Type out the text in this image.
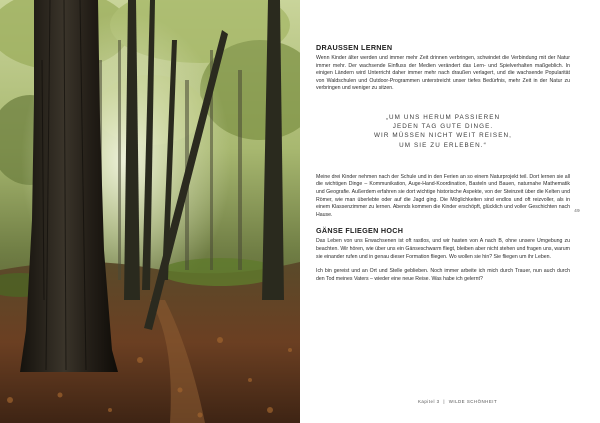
DRAUSSEN LERNEN

Wenn Kinder älter werden und immer mehr Zeit drinnen verbringen, schwindet die Verbindung mit der Natur immer mehr. Der wachsende Einfluss der Medien verändert das Lern- und Spielverhalten maßgeblich. In einigen Ländern wird Unterricht daher immer mehr nach draußen verlagert, und die wachsende Popularität von Waldschulen und Outdoor-Programmen unterstreicht unser tiefes Bedürfnis, mehr Zeit in der Natur zu verbringen und weniger zu sitzen.

„UM UNS HERUM PASSIEREN
JEDEN TAG GUTE DINGE.
WIR MÜSSEN NICHT WEIT REISEN,
UM SIE ZU ERLEBEN.“

Meine drei Kinder nehmen nach der Schule und in den Ferien an so einem Naturprojekt teil. Dort lernen sie all die wichtigen Dinge – Kommunikation, Auge-Hand-Koordination, Basteln und Bauen, naturnahe Mathematik und Geografie. Außerdem erfahren sie dort wichtige historische Aspekte, von der Steinzeit über die Kelten und Römer, wie man überlebte oder auf die Jagd ging. Die Möglichkeiten sind endlos und oft reizvoller, als in einem Klassenzimmer zu lernen. Abends kommen die Kinder erschöpft, glücklich und voller Geschichten nach Hause.

GÄNSE FLIEGEN HOCH

Das Leben von uns Erwachsenen ist oft rastlos, und wir hasten von A nach B, ohne unsere Umgebung zu beachten. Wir hören, wie über uns ein Gänseschwarm fliegt, bleiben aber nicht stehen und fragen uns, warum sie einander rufen und in genau dieser Formation fliegen. Wo wollen sie hin? Sie fliegen um ihr Leben.

Ich bin gereist und an Ort und Stelle geblieben. Noch immer arbeite ich mich durch Trauer, nun auch durch den Tod meines Vaters – wieder eine neue Reise. Was habe ich gelernt?

49
Kapitel 3 | WILDE SCHÖNHEIT
